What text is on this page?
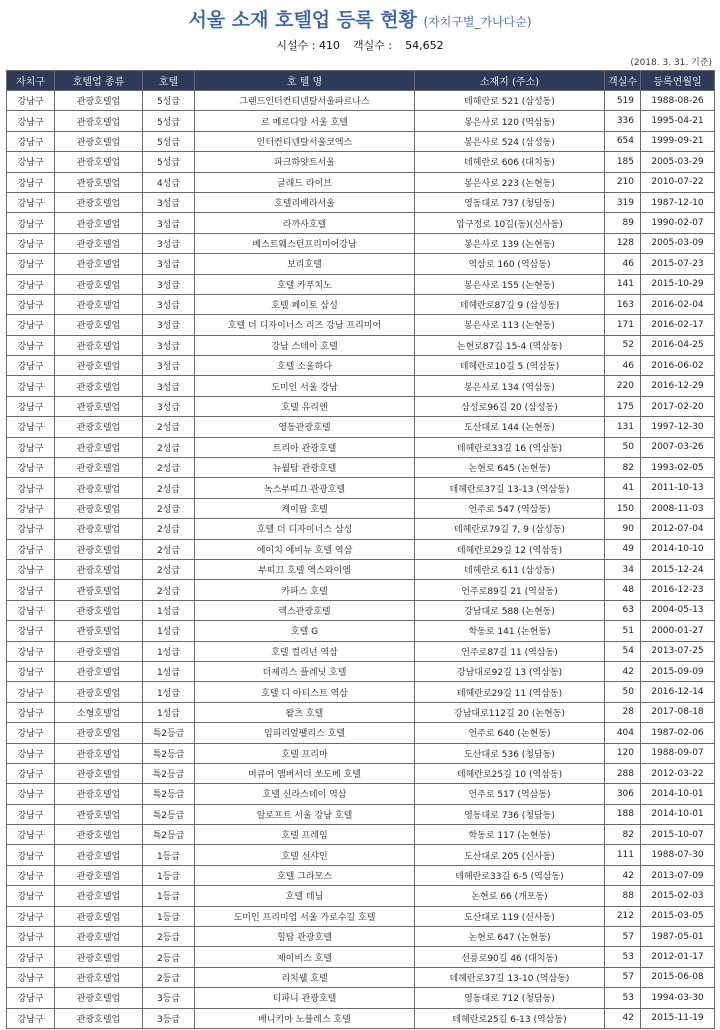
서울 소재 호텔업 등록 현황 (자치구별_가나다순)
시설수 : 410 객실수 : 54,652
(2018. 3. 31. 기준)
자치구	호텔업 종류	호텔	호 텔 명	소재지 (주소)	객실수	등록연월일
강남구	관광호텔업	5성급	그랜드인터컨티넨탈서울파르나스	테헤란로 521 (삼성동)	519	1988-08-26
강남구	관광호텔업	5성급	르 메르디앙 서울 호텔	봉은사로 120 (역삼동)	336	1995-04-21
강남구	관광호텔업	5성급	인터컨티넨탈서울코엑스	봉은사로 524 (삼성동)	654	1999-09-21
강남구	관광호텔업	5성급	파크하얏트서울	테헤란로 606 (대치동)	185	2005-03-29
강남구	관광호텔업	4성급	글래드 라이브	봉은사로 223 (논현동)	210	2010-07-22
강남구	관광호텔업	3성급	호텔리베라서울	영동대로 737 (청담동)	319	1987-12-10
강남구	관광호텔업	3성급	라까사호텔	압구정로 10길(동)(신사동)	89	1990-02-07
강남구	관광호텔업	3성급	베스트웨스턴프리미어강남	봉은사로 139 (논현동)	128	2005-03-09
강남구	관광호텔업	3성급	보리호텔	역삼로 160 (역삼동)	46	2015-07-23
강남구	관광호텔업	3성급	호텔 카푸치노	봉은사로 155 (논현동)	141	2015-10-29
강남구	관광호텔업	3성급	호텔 페이토 삼성	테헤란로87길 9 (삼성동)	163	2016-02-04
강남구	관광호텔업	3성급	호텔 더 디자이너스 리즈 강남 프리미어	봉은사로 113 (논현동)	171	2016-02-17
강남구	관광호텔업	3성급	강남 스테이 호텔	논현로87길 15-4 (역삼동)	52	2016-04-25
강남구	관광호텔업	3성급	호텔 소울하다	테헤란로10길 5 (역삼동)	46	2016-06-02
강남구	관광호텔업	3성급	도미인 서울 강남	봉은사로 134 (역삼동)	220	2016-12-29
강남구	관광호텔업	3성급	호텔 유리앤	삼성로96길 20 (삼성동)	175	2017-02-20
강남구	관광호텔업	2성급	영동관광호텔	도산대로 144 (논현동)	131	1997-12-30
강남구	관광호텔업	2성급	트리아 관광호텔	테헤란로33길 16 (역삼동)	50	2007-03-26
강남구	관광호텔업	2성급	뉴월탑 관광호텔	논현로 645 (논현동)	82	1993-02-05
강남구	관광호텔업	2성급	녹스부띠끄 관광호텔	테헤란로37길 13-13 (역삼동)	41	2011-10-13
강남구	관광호텔업	2성급	케이팝 호텔	언주로 547 (역삼동)	150	2008-11-03
강남구	관광호텔업	2성급	호텔 더 디자이너스 삼성	테헤란로79길 7, 9 (삼성동)	90	2012-07-04
강남구	관광호텔업	2성급	에이치 에비뉴 호텔 역삼	테헤란로29길 12 (역삼동)	49	2014-10-10
강남구	관광호텔업	2성급	부띠끄 호텔 엑스와이엠	테헤란로 611 (삼성동)	34	2015-12-24
강남구	관광호텔업	2성급	카파스 호텔	언주로89길 21 (역삼동)	48	2016-12-23
강남구	관광호텔업	1성급	렉스관광호텔	강남대로 588 (논현동)	63	2004-05-13
강남구	관광호텔업	1성급	호텔 G	학동로 141 (논현동)	51	2000-01-27
강남구	관광호텔업	1성급	호텔 컬리넌 역삼	언주로87길 11 (역삼동)	54	2013-07-25
강남구	관광호텔업	1성급	더제리스 플레닛 호텔	강남대로92길 13 (역삼동)	42	2015-09-09
강남구	관광호텔업	1성급	호텔 디 아티스트 역삼	테헤란로29길 11 (역삼동)	50	2016-12-14
강남구	소형호텔업	1성급	왈츠 호텔	강남대로112길 20 (논현동)	28	2017-08-18
강남구	관광호텔업	특2등급	임피리얼팰리스 호텔	언주로 640 (논현동)	404	1987-02-06
강남구	관광호텔업	특2등급	호텔 프리마	도산대로 536 (청담동)	120	1988-09-07
강남구	관광호텔업	특2등급	머큐어 앰버서더 쏘도베 호텔	테헤란로25길 10 (역삼동)	288	2012-03-22
강남구	관광호텔업	특2등급	호텔 신라스테이 역삼	언주로 517 (역삼동)	306	2014-10-01
강남구	관광호텔업	특2등급	알로프트 서울 강남 호텔	영동대로 736 (청담동)	188	2014-10-01
강남구	관광호텔업	특2등급	호텔 프레임	학동로 117 (논현동)	82	2015-10-07
강남구	관광호텔업	1등급	호텔 선샤인	도산대로 205 (신사동)	111	1988-07-30
강남구	관광호텔업	1등급	호텔 그라모스	테헤란로33길 6-5 (역삼동)	42	2013-07-09
강남구	관광호텔업	1등급	호텔 데님	논현로 66 (개포동)	88	2015-02-03
강남구	관광호텔업	1등급	도미인 프리미엄 서울 가로수길 호텔	도산대로 119 (신사동)	212	2015-03-05
강남구	관광호텔업	2등급	힐탑 관광호텔	논현로 647 (논현동)	57	1987-05-01
강남구	관광호텔업	2등급	제이비스 호텔	선릉로90길 46 (대치동)	53	2012-01-17
강남구	관광호텔업	2등급	리치웰 호텔	테헤란로37길 13-10 (역삼동)	57	2015-06-08
강남구	관광호텔업	3등급	티파니 관광호텔	영동대로 712 (청담동)	53	1994-03-30
강남구	관광호텔업	3등급	베니키아 노블레스 호텔	테헤란로25길 6-13 (역삼동)	42	2015-11-19
